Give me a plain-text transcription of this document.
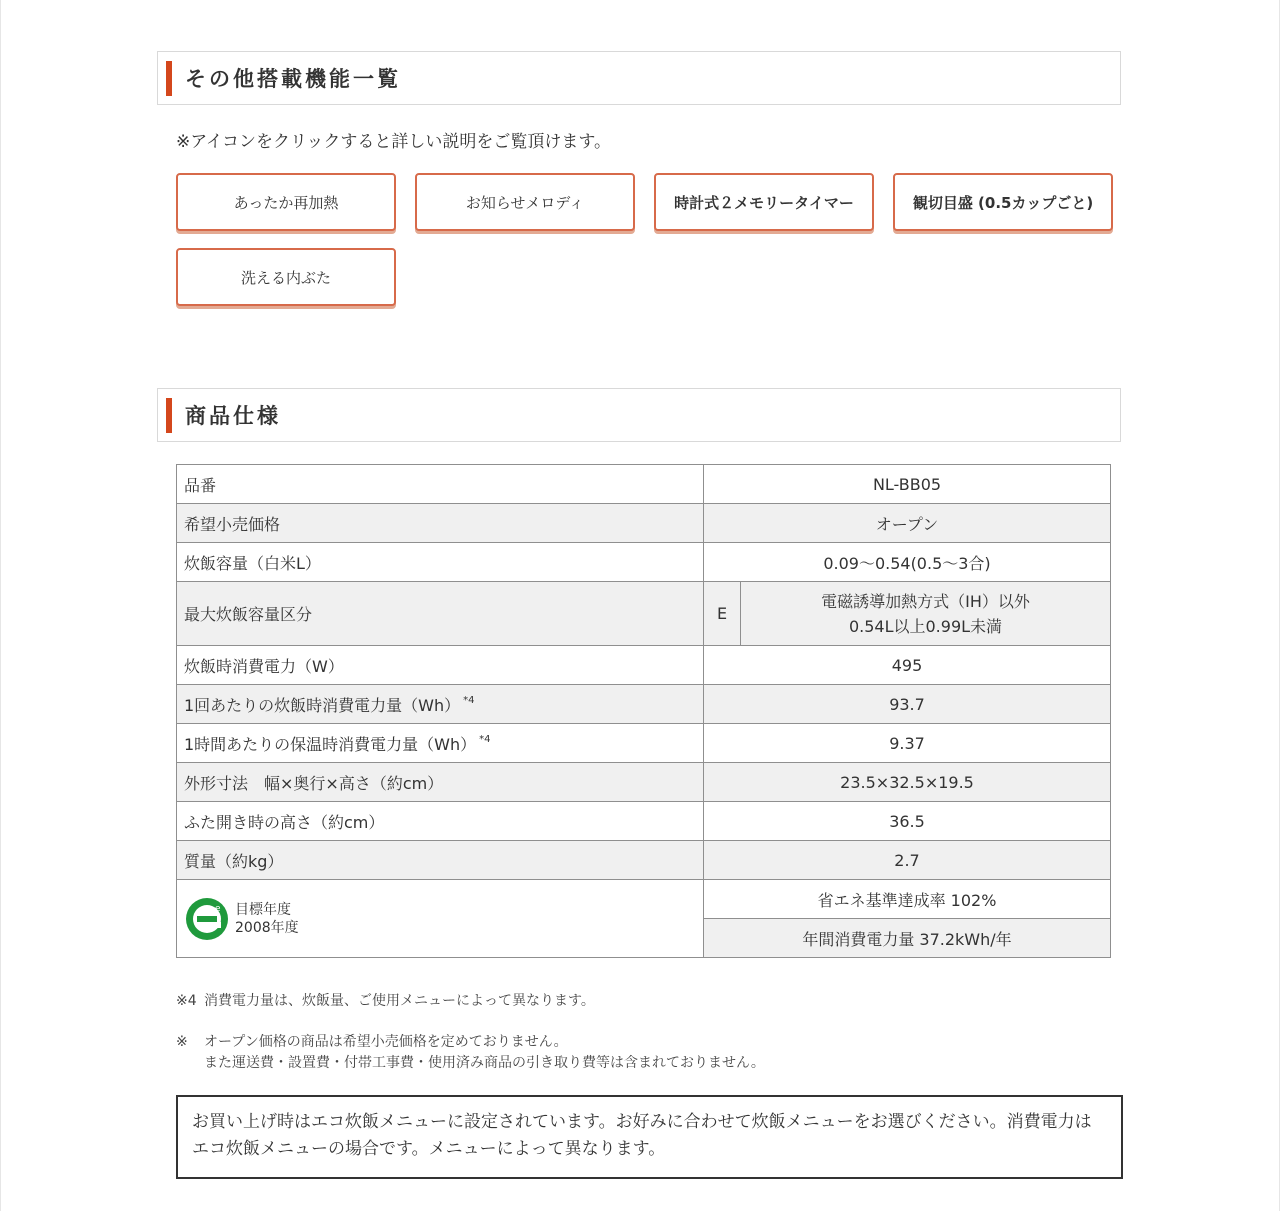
その他搭載機能一覧
※アイコンをクリックすると詳しい説明をご覧頂けます。
あったか再加熱	お知らせメロディ	時計式２メモリータイマー	観切目盛 (0.5カップごと)
洗える内ぶた
商品仕様
品番	NL-BB05	
希望小売価格	オープン	
炊飯容量（白米L）	0.09〜0.54(0.5〜3合)	
最大炊飯容量区分	E	電磁誘導加熱方式（IH）以外
0.54L以上0.99L未満

炊飯時消費電力（W）	495	
1回あたりの炊飯時消費電力量（Wh） $^{*4}$	93.7	
1時間あたりの保温時消費電力量（Wh） $^{*4}$	9.37	
外形寸法　幅×奥行×高さ（約cm）	23.5×32.5×19.5	
ふた開き時の高さ（約cm）	36.5	
質量（約kg）	2.7	

e 目標年度
2008年度	省エネ基準達成率 102%	
	年間消費電力量 37.2kWh/年	
※4 消費電力量は、炊飯量、ご使用メニューによって異なります。
※ オープン価格の商品は希望小売価格を定めておりません。
また運送費・設置費・付帯工事費・使用済み商品の引き取り費等は含まれておりません。
お買い上げ時はエコ炊飯メニューに設定されています。お好みに合わせて炊飯メニューをお選びください。消費電力はエコ炊飯メニューの場合です。メニューによって異なります。
